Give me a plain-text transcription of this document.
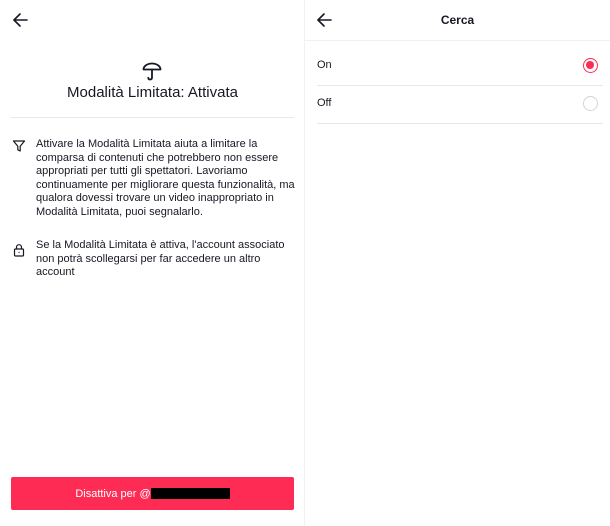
Modalità Limitata: Attivata
Attivare la Modalità Limitata aiuta a limitare la comparsa di contenuti che potrebbero non essere appropriati per tutti gli spettatori. Lavoriamo continuamente per migliorare questa funzionalità, ma qualora dovessi trovare un video inappropriato in Modalità Limitata, puoi segnalarlo.
Se la Modalità Limitata è attiva, l'account associato non potrà scollegarsi per far accedere un altro account
Disattiva per @
Cerca
On
Off
